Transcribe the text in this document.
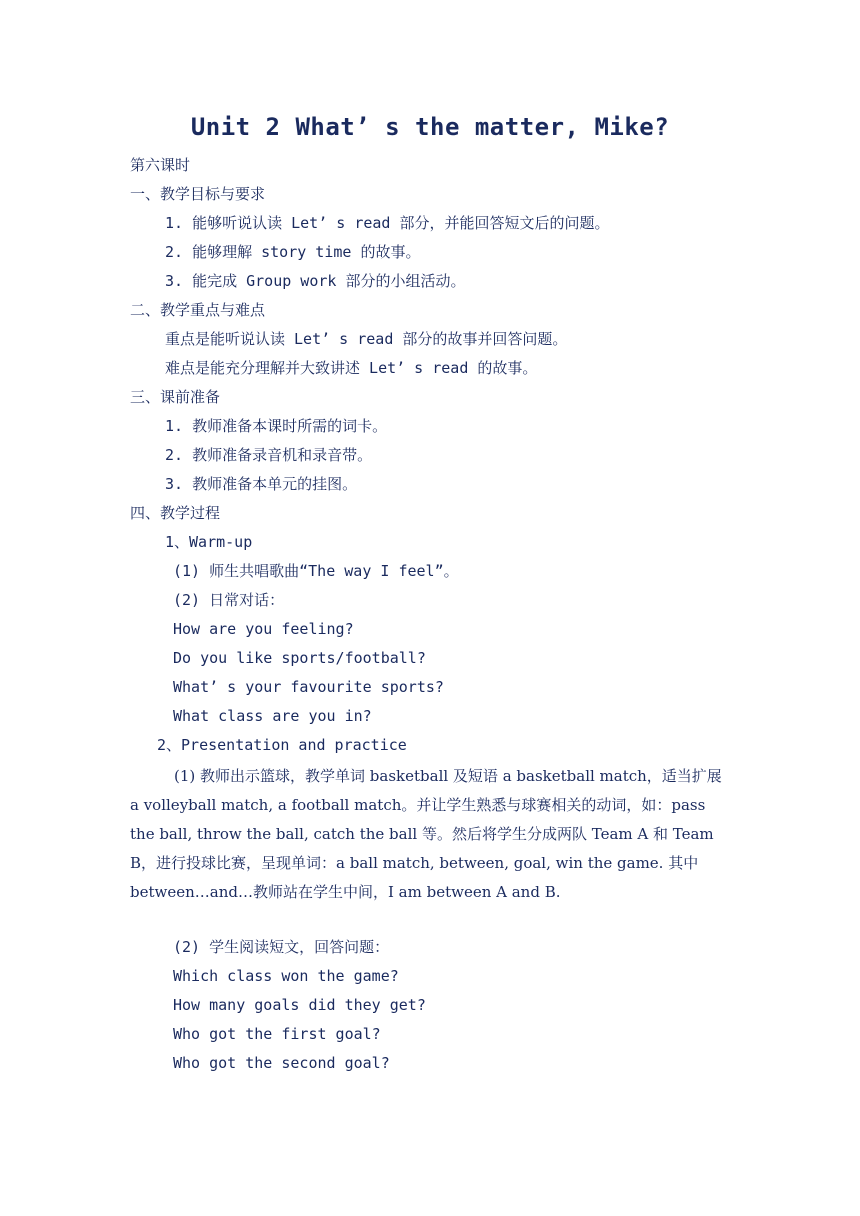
Unit 2 What’ s the matter, Mike?
第六课时
一、教学目标与要求
1. 能够听说认读 Let’ s read 部分，并能回答短文后的问题。
2. 能够理解 story time 的故事。
3. 能完成 Group work 部分的小组活动。
二、教学重点与难点
重点是能听说认读 Let’ s read 部分的故事并回答问题。
难点是能充分理解并大致讲述 Let’ s read 的故事。
三、课前准备
1. 教师准备本课时所需的词卡。
2. 教师准备录音机和录音带。
3. 教师准备本单元的挂图。
四、教学过程
1、Warm-up
(1) 师生共唱歌曲“The way I feel”。
(2) 日常对话：
How are you feeling?
Do you like sports/football?
What’ s your favourite sports?
What class are you in?
2、Presentation and practice

(1) 教师出示篮球，教学单词 basketball 及短语 a basketball match，适当扩展 a volleyball match, a football match。并让学生熟悉与球赛相关的动词，如：pass the ball, throw the ball, catch the ball 等。然后将学生分成两队 Team A 和 Team B，进行投球比赛，呈现单词：a ball match, between, goal, win the game. 其中 between…and…教师站在学生中间，I am between A and B.

(2) 学生阅读短文，回答问题：
Which class won the game?
How many goals did they get?
Who got the first goal?
Who got the second goal?
